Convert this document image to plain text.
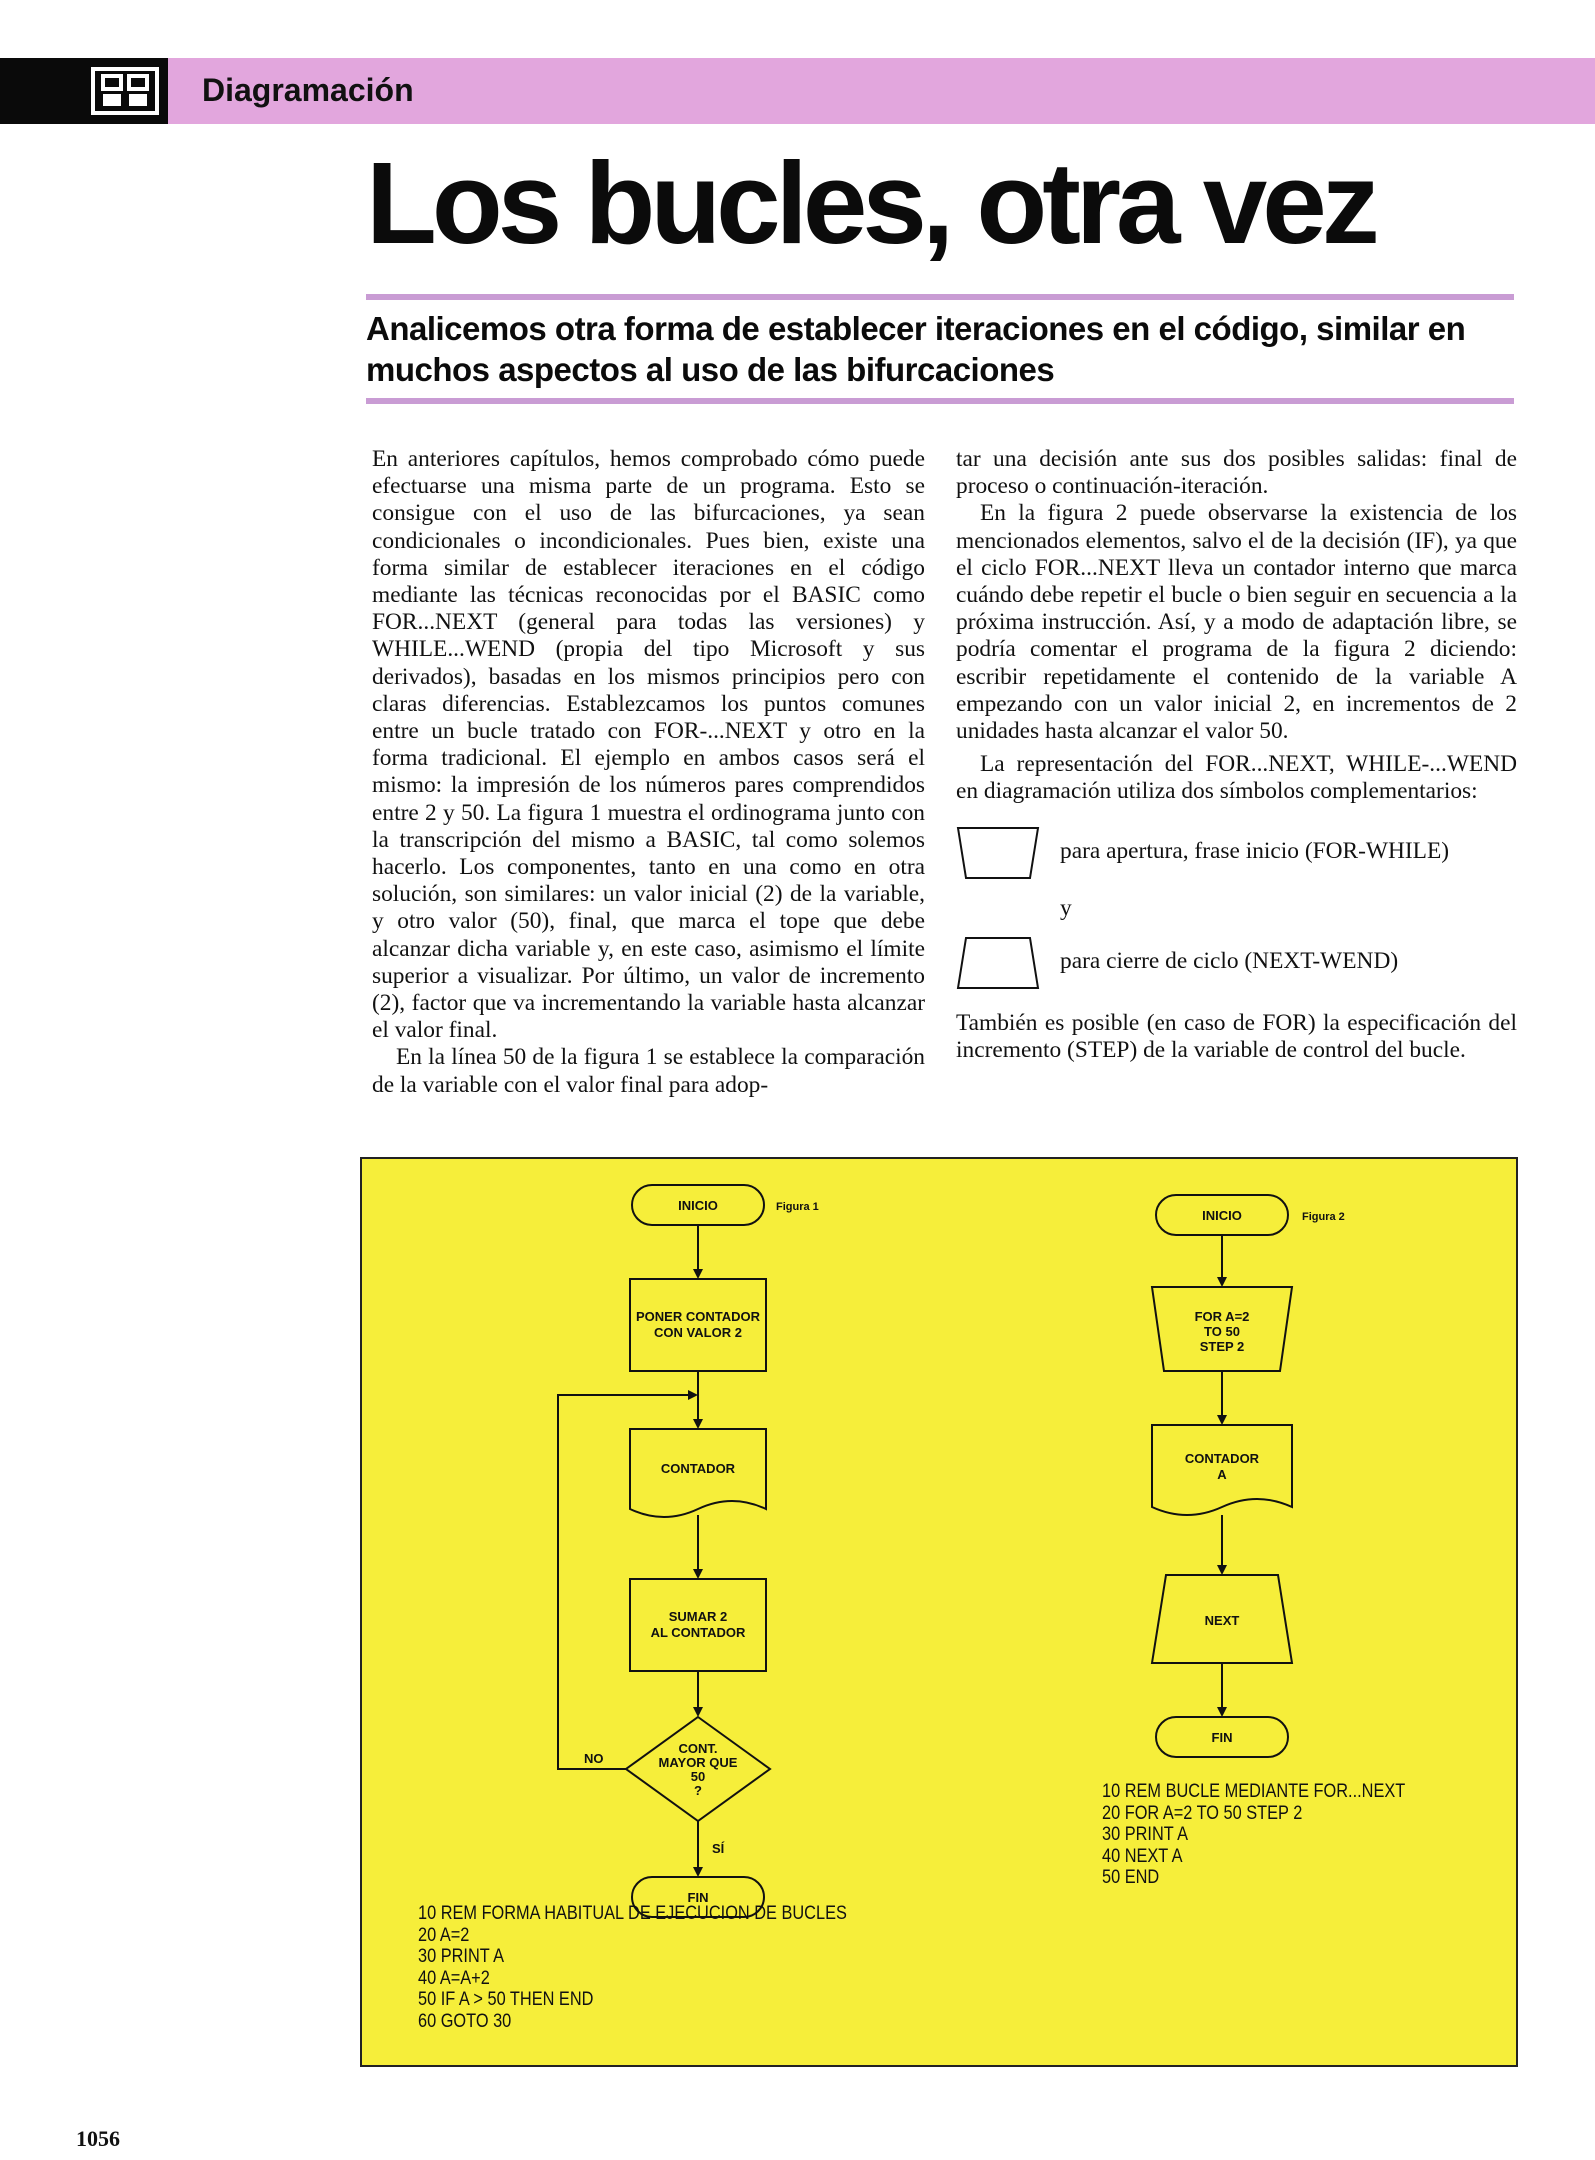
Diagramación
Los bucles, otra vez
Analicemos otra forma de establecer iteraciones en el código, similar en muchos aspectos al uso de las bifurcaciones

En anteriores capítulos, hemos comprobado cómo puede efectuarse una misma parte de un programa. Esto se consigue con el uso de las bifurcaciones, ya sean condicionales o incondicionales. Pues bien, existe una forma similar de establecer iteraciones en el código mediante las técnicas reconocidas por el BASIC como FOR...NEXT (general para todas las versiones) y WHILE...WEND (propia del tipo Microsoft y sus derivados), basadas en los mismos principios pero con claras diferencias. Establezcamos los puntos comunes entre un bucle tratado con FOR-...NEXT y otro en la forma tradicional. El ejemplo en ambos casos será el mismo: la impresión de los números pares comprendidos entre 2 y 50. La figura 1 muestra el ordinograma junto con la transcripción del mismo a BASIC, tal como solemos hacerlo. Los componentes, tanto en una como en otra solución, son similares: un valor inicial (2) de la variable, y otro valor (50), final, que marca el tope que debe alcanzar dicha variable y, en este caso, asimismo el límite superior a visualizar. Por último, un valor de incremento (2), factor que va incrementando la variable hasta alcanzar el valor final.

En la línea 50 de la figura 1 se establece la comparación de la variable con el valor final para adop-

tar una decisión ante sus dos posibles salidas: final de proceso o continuación-iteración.

En la figura 2 puede observarse la existencia de los mencionados elementos, salvo el de la decisión (IF), ya que el ciclo FOR...NEXT lleva un contador interno que marca cuándo debe repetir el bucle o bien seguir en secuencia a la próxima instrucción. Así, y a modo de adaptación libre, se podría comentar el programa de la figura 2 diciendo: escribir repetidamente el contenido de la variable A empezando con un valor inicial 2, en incrementos de 2 unidades hasta alcanzar el valor 50.

La representación del FOR...NEXT, WHILE-...WEND en diagramación utiliza dos símbolos complementarios:

para apertura, frase inicio (FOR-WHILE)
y
para cierre de ciclo (NEXT-WEND)

También es posible (en caso de FOR) la especificación del incremento (STEP) de la variable de control del bucle.

INICIO	Figura 1
PONER CONTADOR
CON VALOR 2
CONTADOR
SUMAR 2
AL CONTADOR
CONT.
MAYOR QUE
50
?
NO
SÍ
FIN
INICIO	Figura 2
FOR A=2
TO 50
STEP 2
CONTADOR
A
NEXT
FIN
10 REM FORMA HABITUAL DE EJECUCION DE BUCLES
20 A=2
30 PRINT A
40 A=A+2
50 IF A > 50 THEN END
60 GOTO 30
10 REM BUCLE MEDIANTE FOR...NEXT
20 FOR A=2 TO 50 STEP 2
30 PRINT A
40 NEXT A
50 END
1056
